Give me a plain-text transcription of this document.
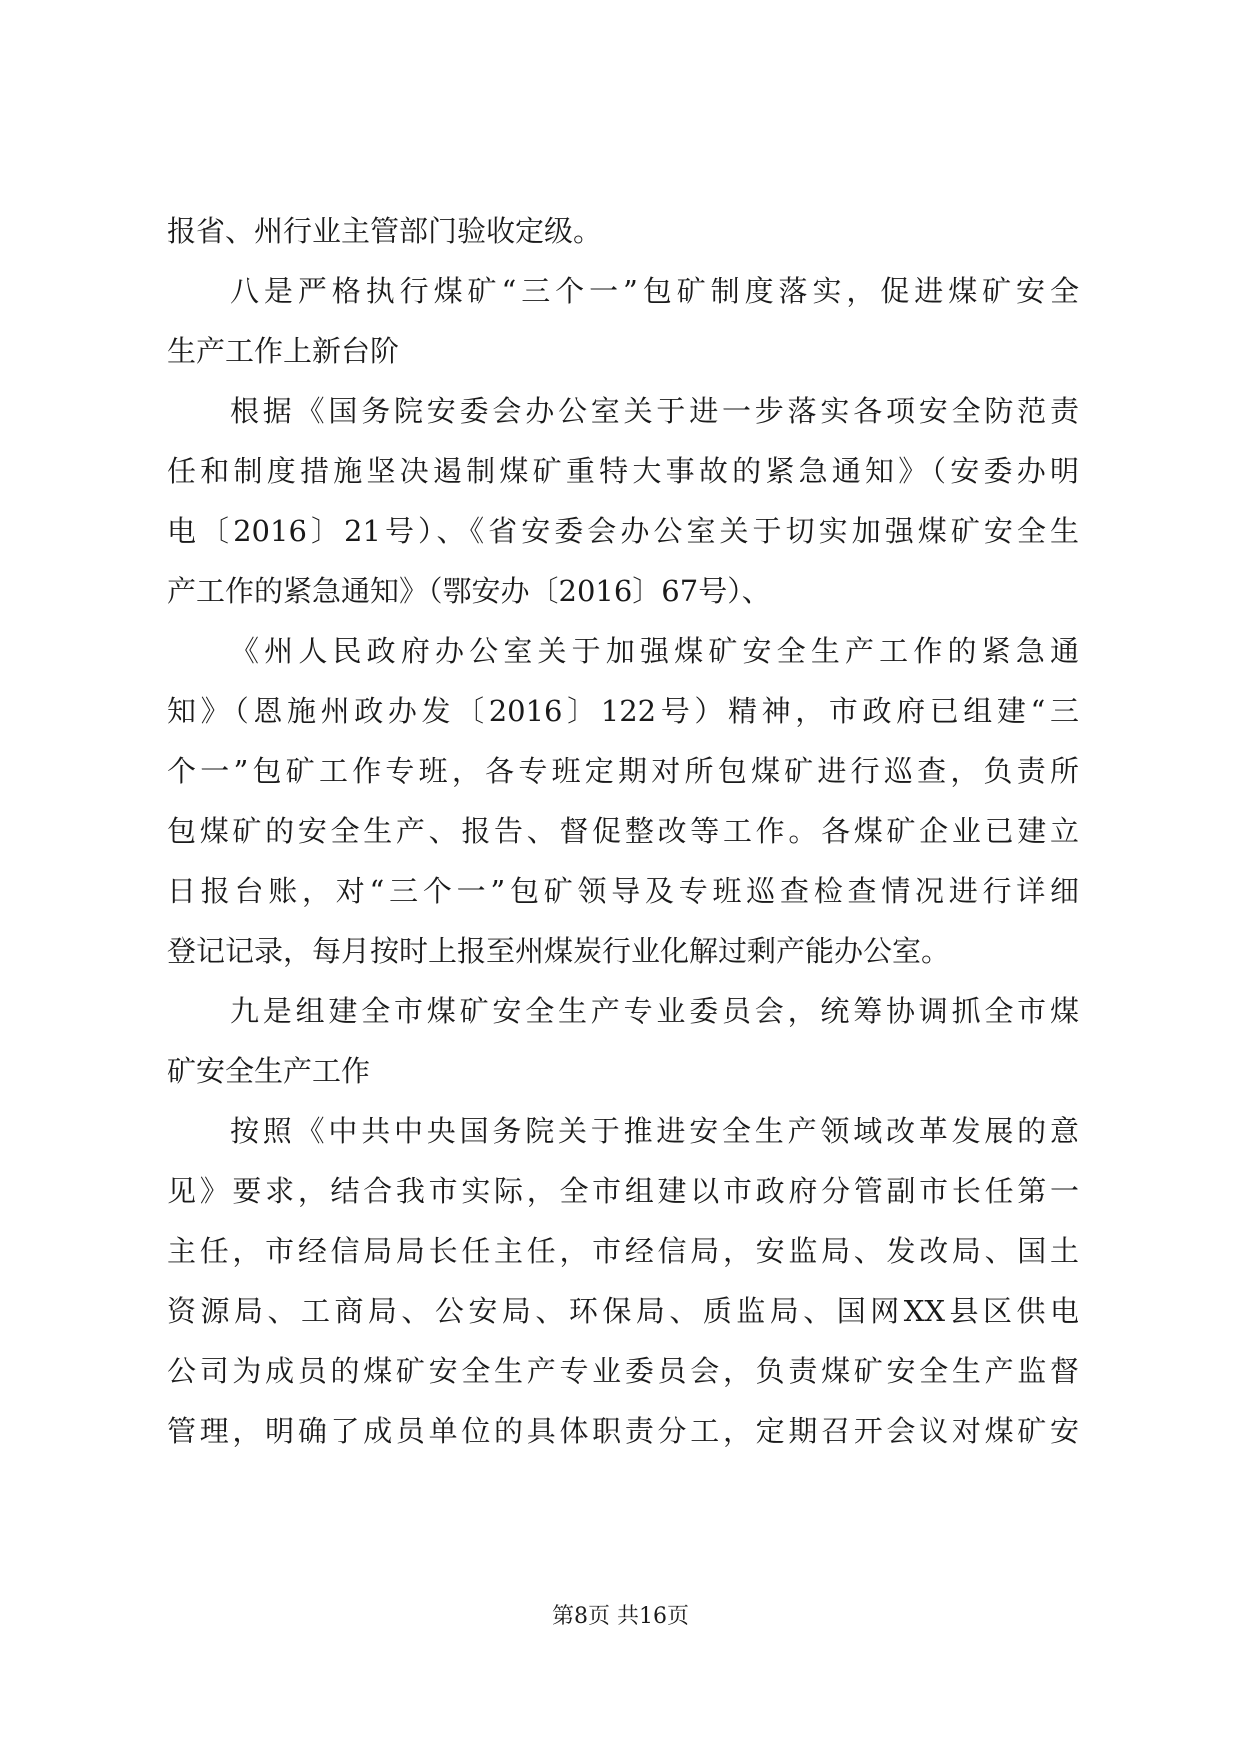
报省、州行业主管部门验收定级。
八是严格执行煤矿“三个一”包矿制度落实，促进煤矿安全
生产工作上新台阶
根据《国务院安委会办公室关于进一步落实各项安全防范责
任和制度措施坚决遏制煤矿重特大事故的紧急通知》（安委办明
电〔2016〕21号）、《省安委会办公室关于切实加强煤矿安全生
产工作的紧急通知》（鄂安办〔2016〕67号）、
《州人民政府办公室关于加强煤矿安全生产工作的紧急通
知》（恩施州政办发〔2016〕122号）精神，市政府已组建“三
个一”包矿工作专班，各专班定期对所包煤矿进行巡查，负责所
包煤矿的安全生产、报告、督促整改等工作。各煤矿企业已建立
日报台账，对“三个一”包矿领导及专班巡查检查情况进行详细
登记记录，每月按时上报至州煤炭行业化解过剩产能办公室。
九是组建全市煤矿安全生产专业委员会，统筹协调抓全市煤
矿安全生产工作
按照《中共中央国务院关于推进安全生产领域改革发展的意
见》要求，结合我市实际，全市组建以市政府分管副市长任第一
主任，市经信局局长任主任，市经信局，安监局、发改局、国土
资源局、工商局、公安局、环保局、质监局、国网XX县区供电
公司为成员的煤矿安全生产专业委员会，负责煤矿安全生产监督
管理，明确了成员单位的具体职责分工，定期召开会议对煤矿安
第8页 共16页
